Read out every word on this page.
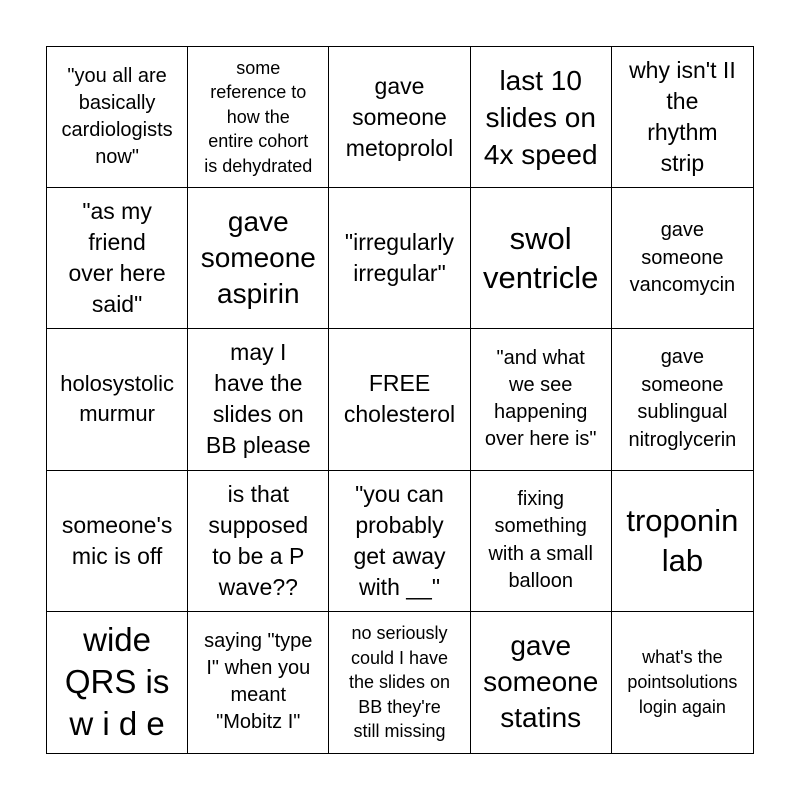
"you all are
basically
cardiologists
now"
some
reference to
how the
entire cohort
is dehydrated
gave
someone
metoprolol
last 10
slides on
4x speed
why isn't II
the
rhythm
strip
"as my
friend
over here
said"
gave
someone
aspirin
"irregularly
irregular"
swol
ventricle
gave
someone
vancomycin
holosystolic
murmur
may I
have the
slides on
BB please
FREE
cholesterol
"and what
we see
happening
over here is"
gave
someone
sublingual
nitroglycerin
someone's
mic is off
is that
supposed
to be a P
wave??
"you can
probably
get away
with __"
fixing
something
with a small
balloon
troponin
lab
wide
QRS is
w i d e
saying "type
I" when you
meant
"Mobitz I"
no seriously
could I have
the slides on
BB they're
still missing
gave
someone
statins
what's the
pointsolutions
login again
